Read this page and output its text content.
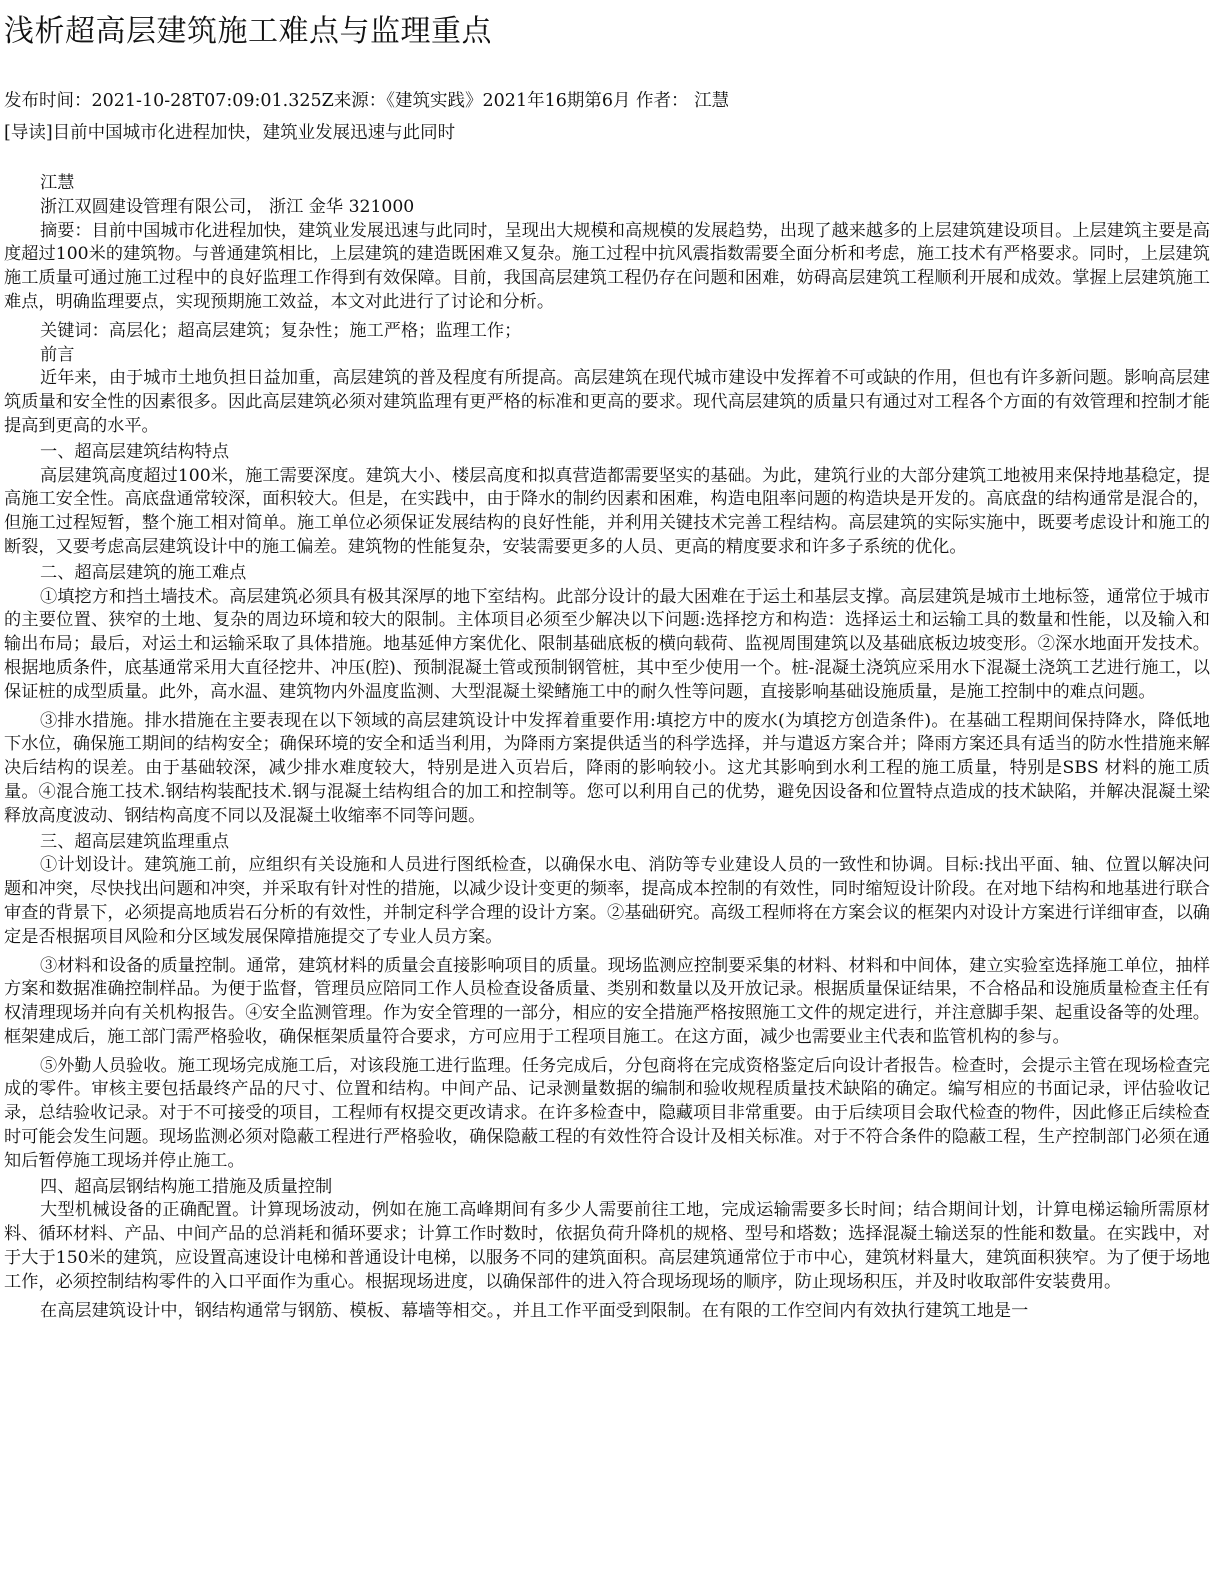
浅析超高层建筑施工难点与监理重点
发布时间：2021-10-28T07:09:01.325Z来源：《建筑实践》2021年16期第6月 作者： 江慧
[导读]目前中国城市化进程加快，建筑业发展迅速与此同时

江慧

浙江双圆建设管理有限公司， 浙江 金华 321000

摘要：目前中国城市化进程加快，建筑业发展迅速与此同时，呈现出大规模和高规模的发展趋势，出现了越来越多的上层建筑建设项目。上层建筑主要是高度超过100米的建筑物。与普通建筑相比，上层建筑的建造既困难又复杂。施工过程中抗风震指数需要全面分析和考虑，施工技术有严格要求。同时，上层建筑施工质量可通过施工过程中的良好监理工作得到有效保障。目前，我国高层建筑工程仍存在问题和困难，妨碍高层建筑工程顺利开展和成效。掌握上层建筑施工难点，明确监理要点，实现预期施工效益，本文对此进行了讨论和分析。

关键词：高层化；超高层建筑；复杂性；施工严格；监理工作；

前言

近年来，由于城市土地负担日益加重，高层建筑的普及程度有所提高。高层建筑在现代城市建设中发挥着不可或缺的作用，但也有许多新问题。影响高层建筑质量和安全性的因素很多。因此高层建筑必须对建筑监理有更严格的标准和更高的要求。现代高层建筑的质量只有通过对工程各个方面的有效管理和控制才能提高到更高的水平。

一、超高层建筑结构特点

高层建筑高度超过100米，施工需要深度。建筑大小、楼层高度和拟真营造都需要坚实的基础。为此，建筑行业的大部分建筑工地被用来保持地基稳定，提高施工安全性。高底盘通常较深，面积较大。但是，在实践中，由于降水的制约因素和困难，构造电阻率问题的构造块是开发的。高底盘的结构通常是混合的，但施工过程短暂，整个施工相对简单。施工单位必须保证发展结构的良好性能，并利用关键技术完善工程结构。高层建筑的实际实施中，既要考虑设计和施工的断裂，又要考虑高层建筑设计中的施工偏差。建筑物的性能复杂，安装需要更多的人员、更高的精度要求和许多子系统的优化。

二、超高层建筑的施工难点

①填挖方和挡土墙技术。高层建筑必须具有极其深厚的地下室结构。此部分设计的最大困难在于运土和基层支撑。高层建筑是城市土地标签，通常位于城市的主要位置、狭窄的土地、复杂的周边环境和较大的限制。主体项目必须至少解决以下问题:选择挖方和构造：选择运土和运输工具的数量和性能，以及输入和输出布局；最后，对运土和运输采取了具体措施。地基延伸方案优化、限制基础底板的横向载荷、监视周围建筑以及基础底板边坡变形。②深水地面开发技术。根据地质条件，底基通常采用大直径挖井、冲压(腔)、预制混凝土管或预制钢管桩，其中至少使用一个。桩-混凝土浇筑应采用水下混凝土浇筑工艺进行施工，以保证桩的成型质量。此外，高水温、建筑物内外温度监测、大型混凝土梁鳍施工中的耐久性等问题，直接影响基础设施质量，是施工控制中的难点问题。

③排水措施。排水措施在主要表现在以下领域的高层建筑设计中发挥着重要作用:填挖方中的废水(为填挖方创造条件)。在基础工程期间保持降水，降低地下水位，确保施工期间的结构安全；确保环境的安全和适当利用，为降雨方案提供适当的科学选择，并与遣返方案合并；降雨方案还具有适当的防水性措施来解决后结构的误差。由于基础较深，减少排水难度较大，特别是进入页岩后，降雨的影响较小。这尤其影响到水利工程的施工质量，特别是SBS 材料的施工质量。④混合施工技术.钢结构装配技术.钢与混凝土结构组合的加工和控制等。您可以利用自己的优势，避免因设备和位置特点造成的技术缺陷，并解决混凝土梁释放高度波动、钢结构高度不同以及混凝土收缩率不同等问题。

三、超高层建筑监理重点

①计划设计。建筑施工前，应组织有关设施和人员进行图纸检查，以确保水电、消防等专业建设人员的一致性和协调。目标:找出平面、轴、位置以解决问题和冲突，尽快找出问题和冲突，并采取有针对性的措施，以减少设计变更的频率，提高成本控制的有效性，同时缩短设计阶段。在对地下结构和地基进行联合审查的背景下，必须提高地质岩石分析的有效性，并制定科学合理的设计方案。②基础研究。高级工程师将在方案会议的框架内对设计方案进行详细审查，以确定是否根据项目风险和分区域发展保障措施提交了专业人员方案。

③材料和设备的质量控制。通常，建筑材料的质量会直接影响项目的质量。现场监测应控制要采集的材料、材料和中间体，建立实验室选择施工单位，抽样方案和数据准确控制样品。为便于监督，管理员应陪同工作人员检查设备质量、类别和数量以及开放记录。根据质量保证结果，不合格品和设施质量检查主任有权清理现场并向有关机构报告。④安全监测管理。作为安全管理的一部分，相应的安全措施严格按照施工文件的规定进行，并注意脚手架、起重设备等的处理。框架建成后，施工部门需严格验收，确保框架质量符合要求，方可应用于工程项目施工。在这方面，减少也需要业主代表和监管机构的参与。

⑤外勤人员验收。施工现场完成施工后，对该段施工进行监理。任务完成后，分包商将在完成资格鉴定后向设计者报告。检查时，会提示主管在现场检查完成的零件。审核主要包括最终产品的尺寸、位置和结构。中间产品、记录测量数据的编制和验收规程质量技术缺陷的确定。编写相应的书面记录，评估验收记录，总结验收记录。对于不可接受的项目，工程师有权提交更改请求。在许多检查中，隐藏项目非常重要。由于后续项目会取代检查的物件，因此修正后续检查时可能会发生问题。现场监测必须对隐蔽工程进行严格验收，确保隐蔽工程的有效性符合设计及相关标准。对于不符合条件的隐蔽工程，生产控制部门必须在通知后暂停施工现场并停止施工。

四、超高层钢结构施工措施及质量控制

大型机械设备的正确配置。计算现场波动，例如在施工高峰期间有多少人需要前往工地，完成运输需要多长时间；结合期间计划，计算电梯运输所需原材料、循环材料、产品、中间产品的总消耗和循环要求；计算工作时数时，依据负荷升降机的规格、型号和塔数；选择混凝土输送泵的性能和数量。在实践中，对于大于150米的建筑，应设置高速设计电梯和普通设计电梯，以服务不同的建筑面积。高层建筑通常位于市中心，建筑材料量大，建筑面积狭窄。为了便于场地工作，必须控制结构零件的入口平面作为重心。根据现场进度，以确保部件的进入符合现场现场的顺序，防止现场积压，并及时收取部件安装费用。

在高层建筑设计中，钢结构通常与钢筋、模板、幕墙等相交。，并且工作平面受到限制。在有限的工作空间内有效执行建筑工地是一
